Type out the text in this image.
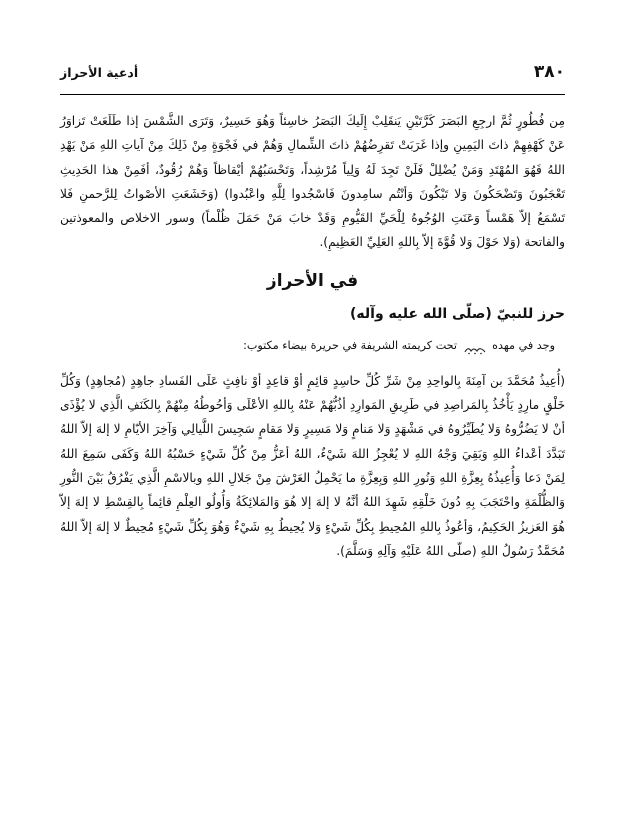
٣٨٠
أدعية الأحراز

مِن فُطُورٍ ثُمَّ ارجِعِ البَصَرَ كَرَّتَيْنِ يَنقَلِبْ إِلَيكَ البَصَرُ خاسِئاً وَهُوَ حَسِيرٌ، وَتَرَى الشَّمْسَ إذا طَلَعَتْ تَزاوَرُ عَنْ كَهْفِهِمْ ذاتَ اليَمِينِ وإذا غَرَبَتْ تَقرِضُهُمْ ذاتَ الشِّمالِ وَهُمْ في فَجْوَةٍ مِنْ ذَلِكَ مِنْ آياتِ اللهِ مَنْ يَهْدِ اللهُ فَهُوَ المُهْتَدِ وَمَنْ يُضْلِلْ فَلَنْ تَجِدَ لَهُ وَلِياً مُرْشِداً، وَتَحْسَبُهُمْ أيْقاظاً وَهُمْ رُقُودٌ، أفَمِنْ هذا الحَدِيثِ تَعْجَبُونَ وَتَضْحَكُونَ وَلا تَبْكُونَ وَأنْتُم سامِدونَ فَاسْجُدوا لِلَّهِ واعْبُدوا) (وَخَشَعَتِ الأصْواتُ لِلرَّحمنِ فَلا تَسْمَعُ إلاّ هَمْساً وَعَنَتِ الوُجُوهُ لِلْحَيِّ القَيُّومِ وَقَدْ خابَ مَنْ حَمَلَ ظُلْماً) وسور الاخلاص والمعوذتين والفاتحة (وَلا حَوْلَ وَلا قُوَّةَ إلاّ بِاللهِ العَلِيِّ العَظِيمِ).

في الأحراز
حرز للنبيّ (صلّى الله عليه وآله)
وجد في مهده  تحت كريمته الشريفة في حريرة بيضاء مكتوب:

(أُعِيذُ مُحَمَّدَ بن آمِنَةَ بِالواحِدِ مِنْ شَرِّ كُلِّ حاسِدٍ قائِمٍ أوْ قاعِدٍ أوْ نافِثٍ عَلَى الفَسادِ جاهِدٍ (مُجاهِدٍ) وَكُلِّ خَلْقٍ مارِدٍ يَأْخُذُ بِالمَراصِدِ في طَرِيقِ المَوارِدِ أذُبُّهُمْ عَنْهُ بِاللهِ الأعْلَى وَأحُوطُهُ مِنْهُمْ بِالكَنَفِ الَّذِي لا يُؤْذَى أنْ لا يَضُرُّوهُ وَلا يُطَيِّرُوهُ في مَشْهَدٍ وَلا مَنامٍ وَلا مَسِيرٍ وَلا مَقامٍ سَجِيسَ اللَّيالِي وَآخِرَ الأيّامِ لا إلهَ إلاّ اللهُ تَبَدَّدَ أعْداءُ اللهِ وَبَقِيَ وَجْهُ اللهِ لا يُعْجِزُ اللهَ شَيْءٌ، اللهُ أعَزُّ مِنْ كُلِّ شَيْءٍ حَسْبُهُ اللهُ وَكَفَى سَمِعَ اللهُ لِمَنْ دَعا وَأُعِيذُهُ بِعِزَّةِ اللهِ وَنُورِ اللهِ وَبِعِزَّةِ ما يَحْمِلُ العَرْشَ مِنْ جَلالِ اللهِ وبالاسْمِ الَّذِي يَفْرُقُ بَيْنَ النُّورِ وَالظُّلْمَةِ واحْتَجَبَ بِهِ دُونَ خَلْقِهِ شَهِدَ اللهُ أنَّهُ لا إلهَ إلا هُوَ وَالمَلائِكَةُ وَأُولُو العِلْمِ قائِماً بِالقِسْطِ لا إلهَ إلاّ هُوَ العَزيزُ الحَكِيمُ، وَأعُوذُ بِاللهِ المُحِيطِ بِكُلِّ شَيْءٍ وَلا يُحِيطُ بِهِ شَيْءٌ وَهُوَ بِكُلِّ شَيْءٍ مُحِيطٌ لا إلهَ إلاّ اللهُ مُحَمَّدٌ رَسُولُ اللهِ (صلّى اللهُ عَلَيْهِ وَآلِهِ وَسَلَّمَ).
